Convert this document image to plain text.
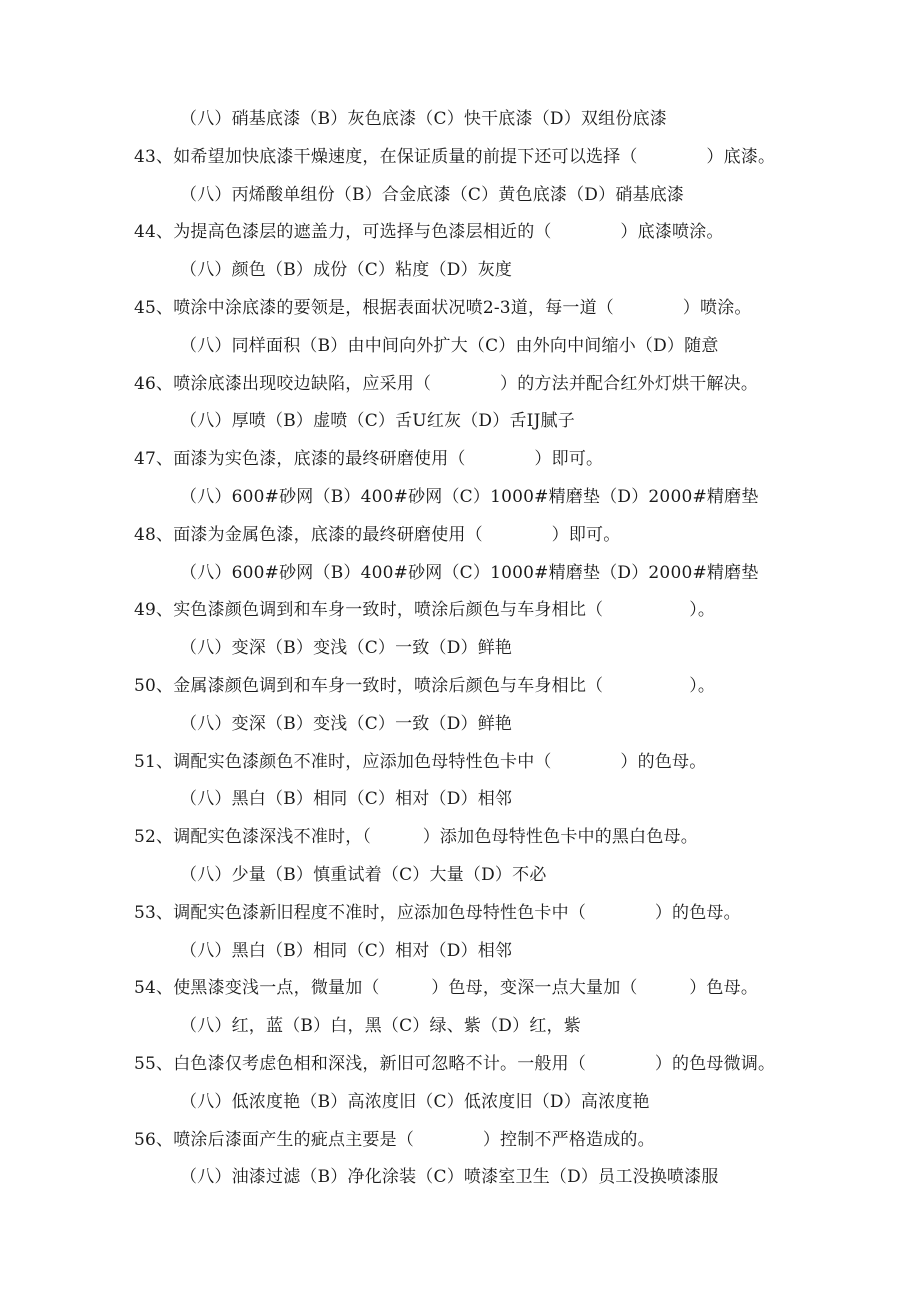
（八）硝基底漆（B）灰色底漆（C）快干底漆（D）双组份底漆
43、如希望加快底漆干燥速度，在保证质量的前提下还可以选择（　　　　）底漆。
（八）丙烯酸单组份（B）合金底漆（C）黄色底漆（D）硝基底漆
44、为提高色漆层的遮盖力，可选择与色漆层相近的（　　　　）底漆喷涂。
（八）颜色（B）成份（C）粘度（D）灰度
45、喷涂中涂底漆的要领是，根据表面状况喷2-3道，每一道（　　　　）喷涂。
（八）同样面积（B）由中间向外扩大（C）由外向中间缩小（D）随意
46、喷涂底漆出现咬边缺陷，应采用（　　　　）的方法并配合红外灯烘干解决。
（八）厚喷（B）虚喷（C）舌U红灰（D）舌IJ腻子
47、面漆为实色漆，底漆的最终研磨使用（　　　　）即可。
（八）600#砂网（B）400#砂网（C）1000#精磨垫（D）2000#精磨垫
48、面漆为金属色漆，底漆的最终研磨使用（　　　　）即可。
（八）600#砂网（B）400#砂网（C）1000#精磨垫（D）2000#精磨垫
49、实色漆颜色调到和车身一致时，喷涂后颜色与车身相比（　　　　　）。
（八）变深（B）变浅（C）一致（D）鲜艳
50、金属漆颜色调到和车身一致时，喷涂后颜色与车身相比（　　　　　）。
（八）变深（B）变浅（C）一致（D）鲜艳
51、调配实色漆颜色不准时，应添加色母特性色卡中（　　　　）的色母。
（八）黑白（B）相同（C）相对（D）相邻
52、调配实色漆深浅不准时，（　　　）添加色母特性色卡中的黑白色母。
（八）少量（B）慎重试着（C）大量（D）不必
53、调配实色漆新旧程度不准时，应添加色母特性色卡中（　　　　）的色母。
（八）黑白（B）相同（C）相对（D）相邻
54、使黑漆变浅一点，微量加（　　　）色母，变深一点大量加（　　　）色母。
（八）红，蓝（B）白，黑（C）绿、紫（D）红，紫
55、白色漆仅考虑色相和深浅，新旧可忽略不计。一般用（　　　　）的色母微调。
（八）低浓度艳（B）高浓度旧（C）低浓度旧（D）高浓度艳
56、喷涂后漆面产生的疵点主要是（　　　　）控制不严格造成的。
（八）油漆过滤（B）净化涂装（C）喷漆室卫生（D）员工没换喷漆服
